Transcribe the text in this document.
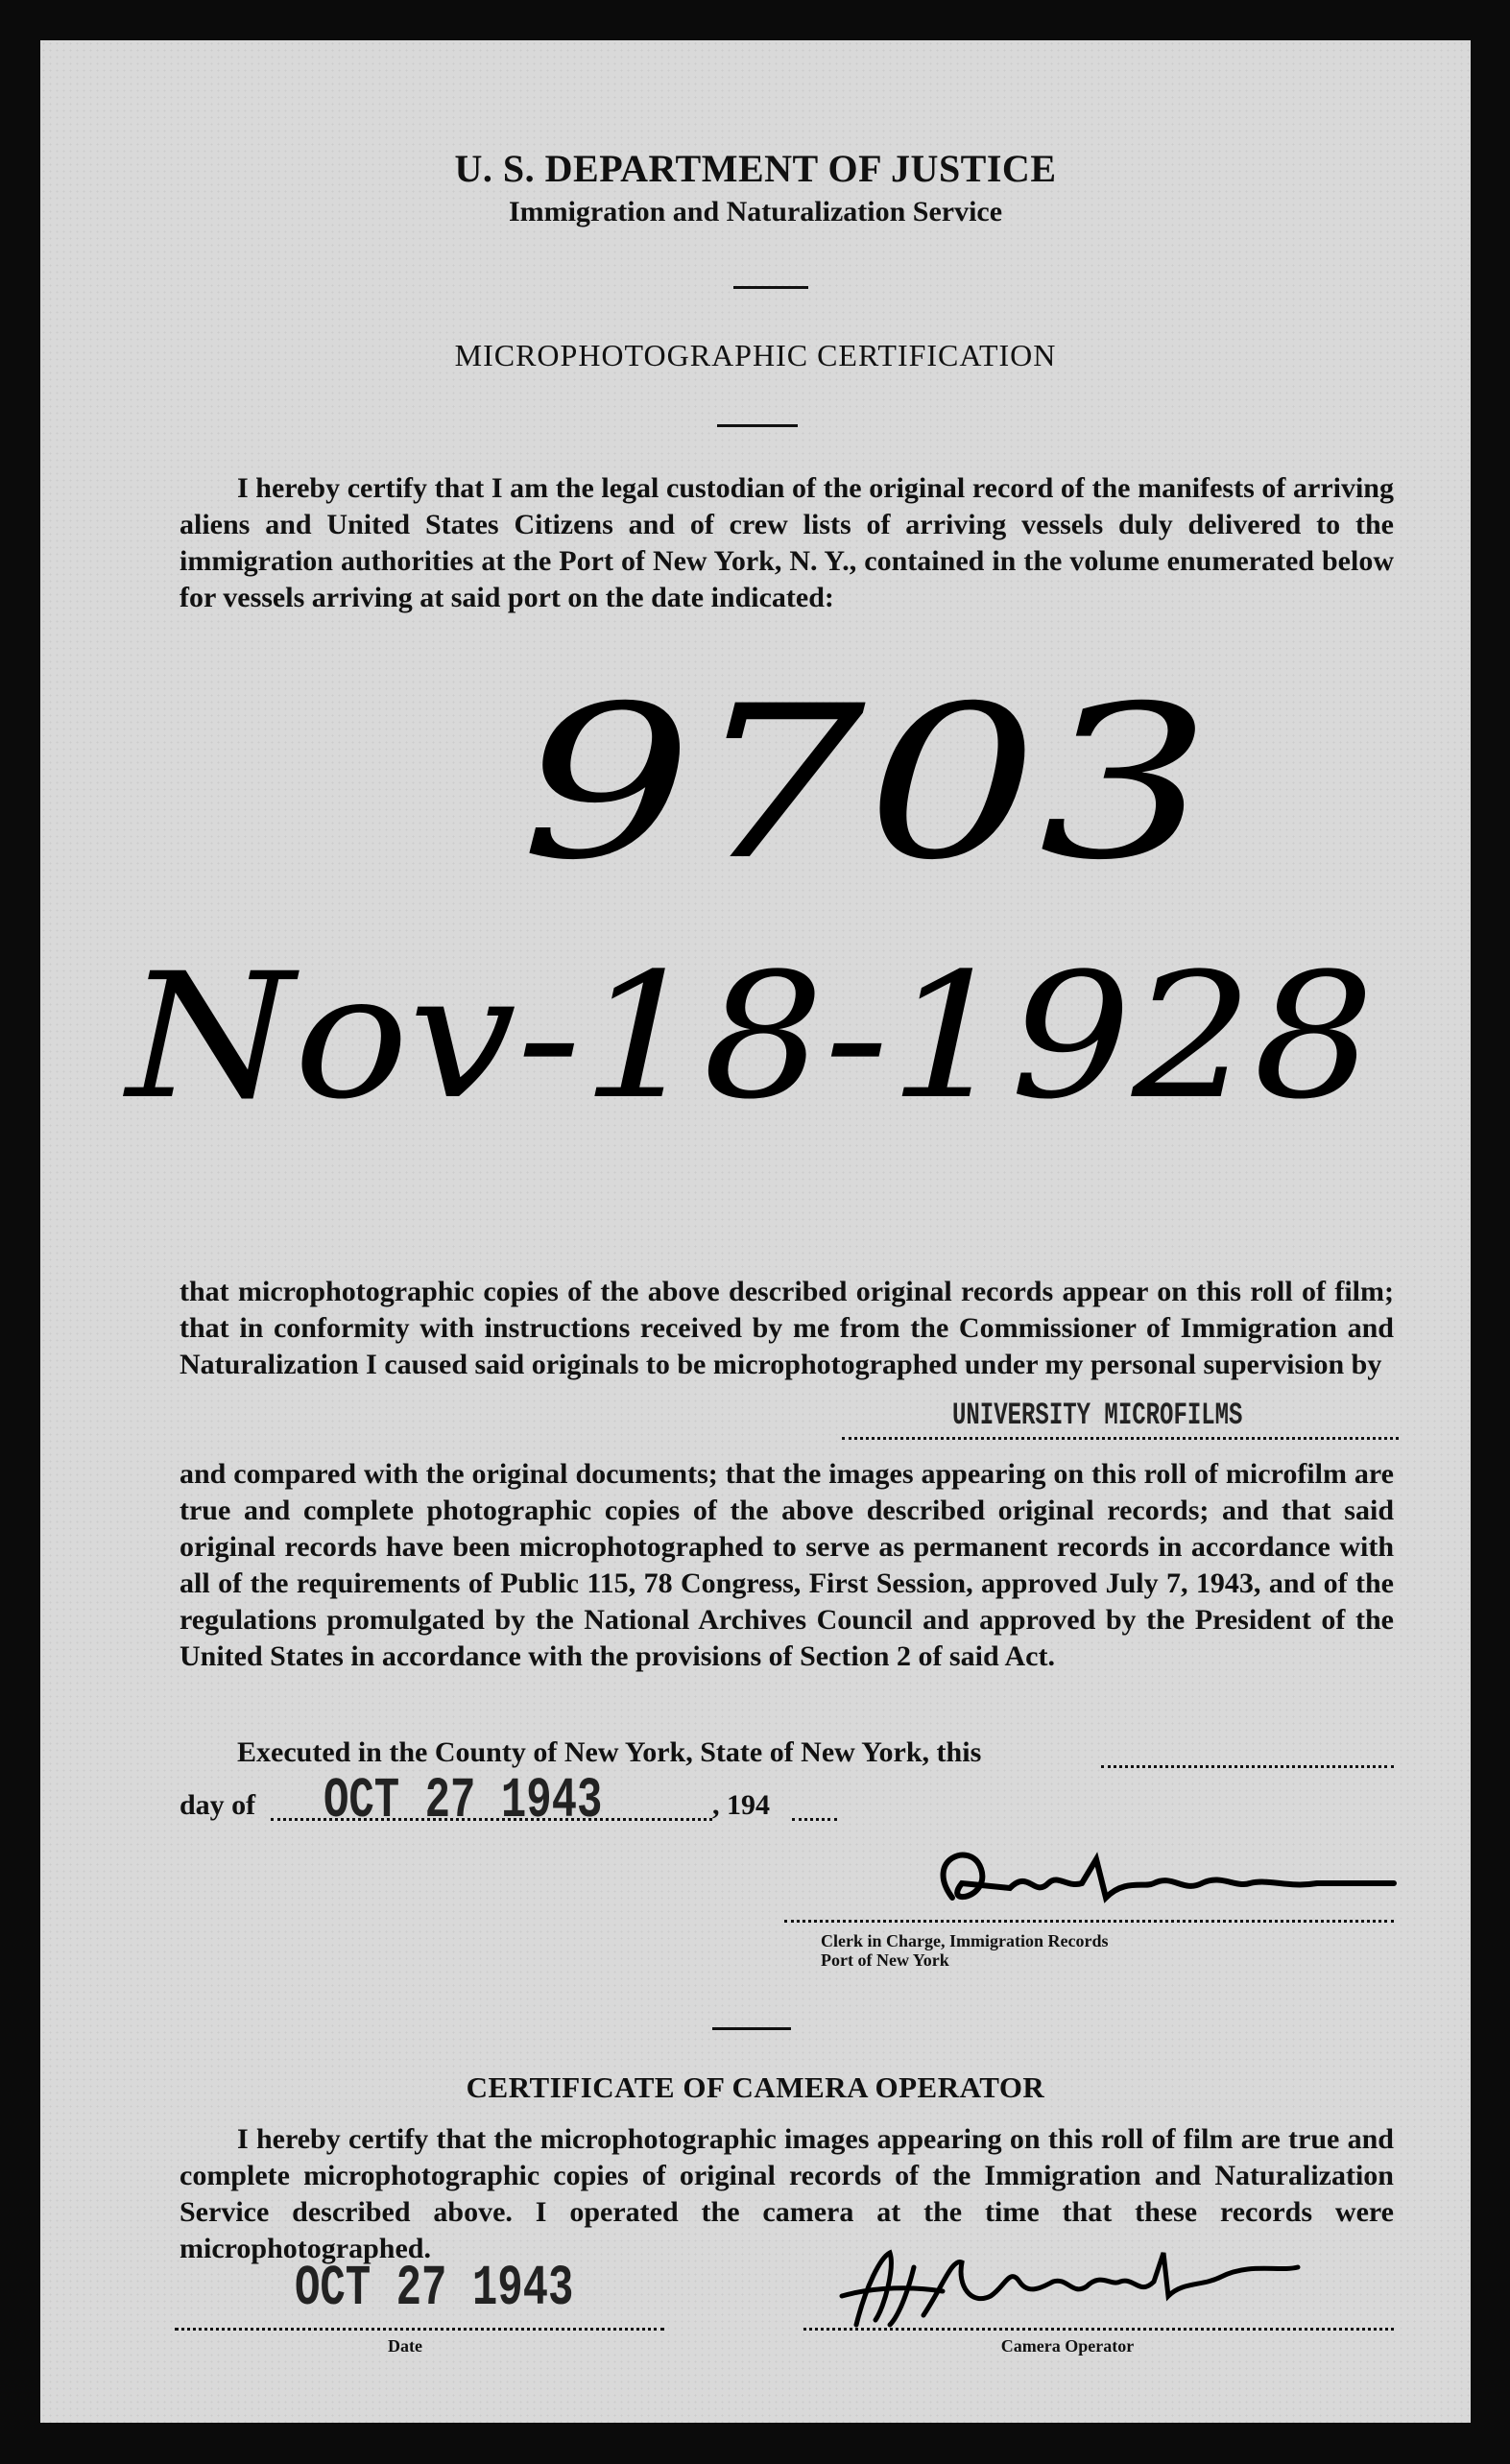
U. S. DEPARTMENT OF JUSTICE
Immigration and Naturalization Service
MICROPHOTOGRAPHIC CERTIFICATION

I hereby certify that I am the legal custodian of the original record of the manifests of arriving aliens and United States Citizens and of crew lists of arriving vessels duly delivered to the immigration authorities at the Port of New York, N. Y., contained in the volume enumerated below for vessels arriving at said port on the date indicated:

9703
Nov-18-1928
that microphotographic copies of the above described original records appear on this roll of film; that in conformity with instructions received by me from the Commissioner of Immigration and Naturalization I caused said originals to be microphotographed under my personal supervision by
UNIVERSITY MICROFILMS
and compared with the original documents; that the images appearing on this roll of microfilm are true and complete photographic copies of the above described original records; and that said original records have been microphotographed to serve as permanent records in accordance with all of the requirements of Public 115, 78 Congress, First Session, approved July 7, 1943, and of the regulations promulgated by the National Archives Council and approved by the President of the United States in accordance with the provisions of Section 2 of said Act.
Executed in the County of New York, State of New York, this
day of OCT 27 1943	, 194
Clerk in Charge, Immigration Records
Port of New York
CERTIFICATE OF CAMERA OPERATOR

I hereby certify that the microphotographic images appearing on this roll of film are true and complete microphotographic copies of original records of the Immigration and Naturalization Service described above. I operated the camera at the time that these records were microphotographed.

OCT 27 1943
Date	Camera Operator
